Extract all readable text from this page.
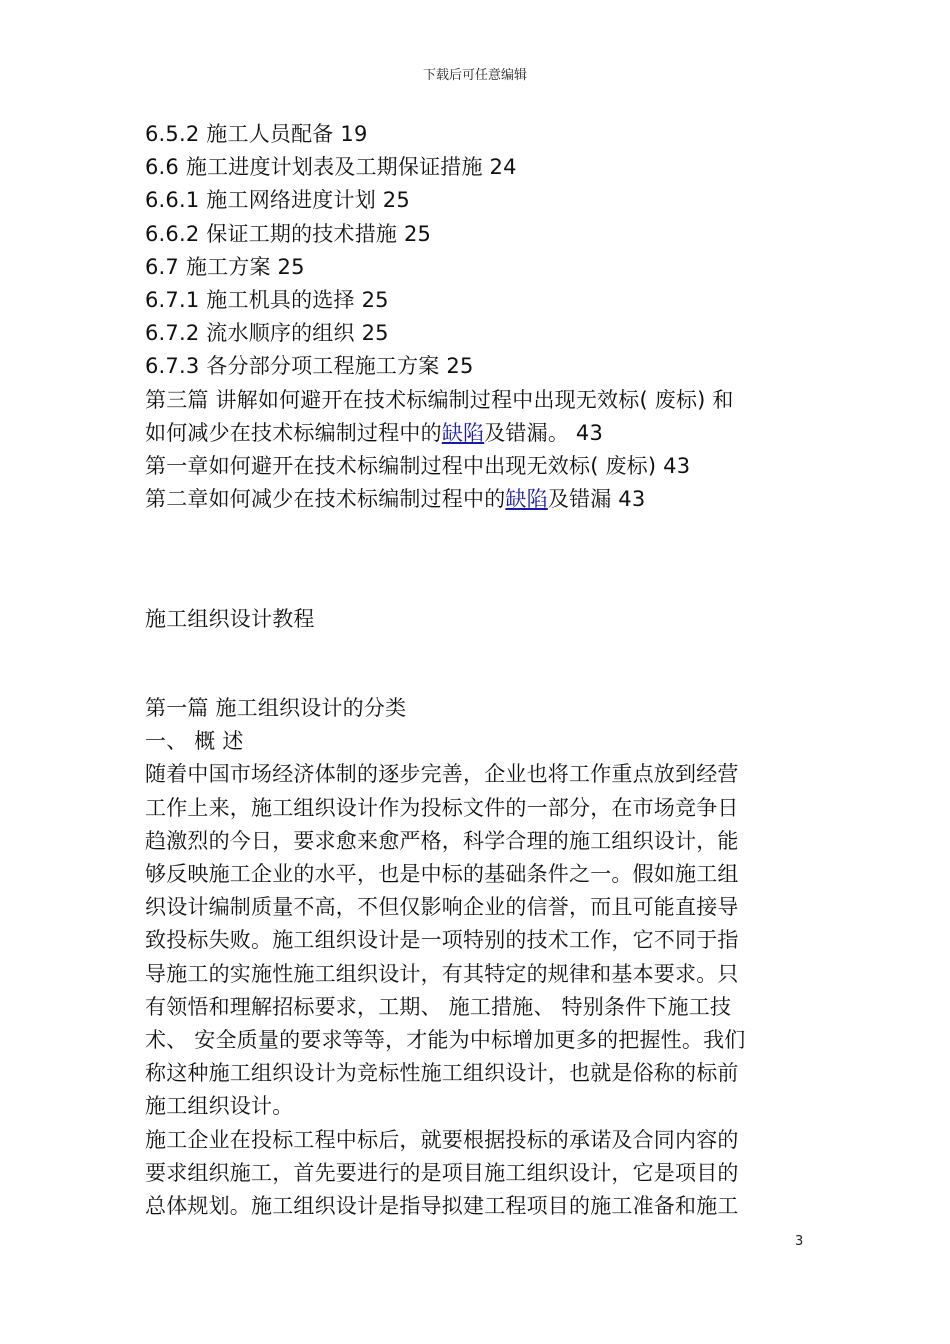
下载后可任意编辑
6.5.2 施工人员配备 19
6.6 施工进度计划表及工期保证措施 24
6.6.1 施工网络进度计划 25
6.6.2 保证工期的技术措施 25
6.7 施工方案 25
6.7.1 施工机具的选择 25
6.7.2 流水顺序的组织 25
6.7.3 各分部分项工程施工方案 25
第三篇 讲解如何避开在技术标编制过程中出现无效标( 废标) 和
如何减少在技术标编制过程中的缺陷及错漏。 43
第一章如何避开在技术标编制过程中出现无效标( 废标) 43
第二章如何减少在技术标编制过程中的缺陷及错漏 43
施工组织设计教程
第一篇 施工组织设计的分类
一、 概 述
随着中国市场经济体制的逐步完善，企业也将工作重点放到经营
工作上来，施工组织设计作为投标文件的一部分，在市场竞争日
趋激烈的今日，要求愈来愈严格，科学合理的施工组织设计，能
够反映施工企业的水平，也是中标的基础条件之一。假如施工组
织设计编制质量不高，不但仅影响企业的信誉，而且可能直接导
致投标失败。施工组织设计是一项特别的技术工作，它不同于指
导施工的实施性施工组织设计，有其特定的规律和基本要求。只
有领悟和理解招标要求，工期、 施工措施、 特别条件下施工技
术、 安全质量的要求等等，才能为中标增加更多的把握性。我们
称这种施工组织设计为竞标性施工组织设计，也就是俗称的标前
施工组织设计。
施工企业在投标工程中标后，就要根据投标的承诺及合同内容的
要求组织施工，首先要进行的是项目施工组织设计，它是项目的
总体规划。施工组织设计是指导拟建工程项目的施工准备和施工
3
